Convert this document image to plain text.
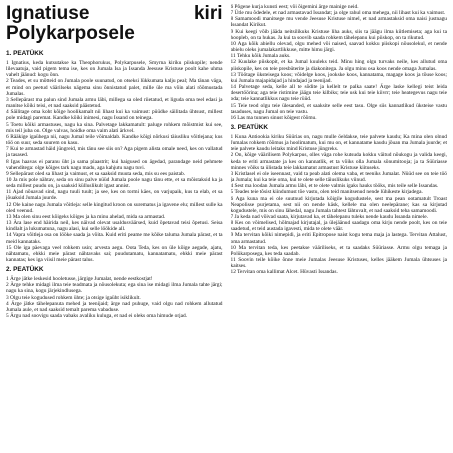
Ignatiuse	kiri
Polykarposele
1. PEATÜKK

1 Ignatius, keda kutsutakse ka Theophorukus, Polykarpusele, Smyrna kiriku piiskopile; nende lilevaatuja, vaid pigem tema ise, kes on Jumala Isa ja Issanda Jeesuse Kristuse poolt kahe uhma vahelt jäänud: kogu õnn.

2 Teades, et su mõtteid on Jumala poole suunatud, on otseksi lükkumata kalju peal; Ma tänan väga, et mind on peetud väärilseks nägema sinu õnnistatud palet, mille üle ma võin alati rõõmustada Jumalas.

3 Sellepärast ma palun sind Jumala armu läbi, millega sa oled riietatud, et liguda oma teel edasi ja manitse kõiki teisi, et nad saaksid päästetud.

4 Säilitage oma koht kõige hoolikamalt nii lihast kui ka vaimust: püüdke säilitada ühtsust, millest pole midagi paremat. Kandke kõiki inimesi, nagu Issand on teinega.

5 Toetu kõiki armastuses, nagu ka sina. Palvetage lakkamatult: paluge rohkem mõistmist kui see, mis teil juba on. Olge valvas, hoidke oma vaim alati ärkvel.

6 Rääkige igaühega nii, nagu Jumal teile võimaldab. Kandke kõigi nõrkusi täiusliku võitlejana; kus töö on suur, seda suurem on kasu.

7 Kui te armastad häid jüngreid, mis tänu see siis on? Aga pigem alista omale need, kes on vallatud ja tasased.

8 Igas haavas ei paranu üht ja sama plaastrit; kui haigused on ägedad, parandage neid pehmete vahenditega: olge kõiges tark nagu madu, aga kahjutu nagu tuvi.

9 Sellepärast oled sa lihast ja vaimust, et sa saaksid muuta seda, mis su ees paistab.

10 Ja mis pole nähtav, seda on sinu palve nüüd Jumala poole nagu tänu ette, et sa mõistaksid ka ja seda millest puudu on, ja saaksid külluslikult igast annist.

11 Ajad nõuavad sind, nagu tuuli tuult; ja see, kes on tormi käes, on varjupaik, kus ta elab, et sa jõuaksid Jumala juurde.

12 Ole kaine nagu Jumala võitleja: selle kingitud kroon on surematus ja igavene elu; millest sulle ka oled veenud.

13 Ma olen sinu eest kõigeks kõiges ja ka minu ahelad, mida sa armastad.

13 Ära lase end häirida neil, kes näivad olevat usaldusväärsed, kuid õpetavad teisi õpetusi. Seisa kindlalt ja lukumatuna, nagu alasi, kui selle löökide all.

14 Vapra võitleja osa on lööke saada ja võita. Kuid eriti peame me kõike taluma Jumala pärast, et ta meid kannataks.

15 Ole iga päevaga veel rohkem usin; arvesta aegu. Oota Teda, kes on üle kõige aegade, ajatu, nähtamatu, ehkki meie pärast nähtavaks sai; puudutamatu, kannatamatu, ehkki meie pärast kannatas; kes iga viisil meie pärast talus.

2. PEATÜKK

1 Ärge jätke leskesid hooletusse, järgige Jumalat, nende eestkostjat!

2 Ärge tehke midagi ilma teie teadmata ja nõusolekuta; ega sina ise midagi ilma Jumala tahte järgi; nagu ka sina, kogu järjekindlusega.

3 Olgu teie kogudused rohkem ühte; ja otsige igaüht isiklikult.

4 Ärge jätke tähelepanuta mehed ja teenijaid; ärge nad puhuge, vaid olgu nad rohkem allutatud Jumala aule, et nad saaksid temalt parema vabaduse.

5 Ärgu nad soovigu saada vabaks avaliku kuluga, et nad ei oleks oma himude orjad.

6 Põgene kurja kunsti eest; või õigemini ärge mainige neid.

7 Ütle mu õdedele, et nad armastavad Issandat; ja olge rahul oma mehega, nii lihast kui ka vaimust.

8 Samamoodi manitsege mu vende Jeesuse Kristuse nimel, et nad armastaksid oma naisi justnagu Issandat Kirikut.

9 Kui keegi võib jääda neitsilikuks Kristuse liha auks, siis ta jäägu ilma kiitlemiseta; aga kui ta hoopleb, on ta hukas. Ja kui ta soovib saada rohkem tähelepanu kui piiskop, on ta rikutud.

10 Aga kõik abiellu olevad, olgu mehed või naised, saavad kokku piiskopi nõusolekul, et nende abielu oleks jumalakartlikkuse, mitte himu järgi.

11 Tehku kõik Jumala auks.

12 Kuulake piiskopit, et ka Jumal kuuleks teid. Minu hing olgu turvaks neile, kes allutud oma piiskopile, kes on teie presbüterite ja diakonitega. Ja olgu minu osa koos nende omaga Jumalas.

13 Töötage üksteisega koos; võidelge koos, jookske koos, kannatama, magage koos ja tõuse koos; kui Jumala majapidajad ja hindajad ja teenijad.

14 Palvetage seda, kelle all te sõdite ja kellelt te palka saate! Ärge laske kellegi teist leida desertöörina; aga teie ristimine jäägu teie kilbiks; teie usk kui teie kiivrr; teie heategevus nagu teie oda; teie kannatlikkus nagu teie rüüd.

15 Teie teod olgu teie ülesanded, et saaksite selle eest tasu. Olge siis kannatlikud üksteise vastu tasaduses, nagu Jumal on teie vastu.

16 Las ma tunnen sinust kõigest rõõmu.

3. PEATÜKK

1 Kuna Antiookia kiriku Süürias on, nagu mulle öeldakse, teie palvete kaudu; Ka mina olen olnud Jumalas rohkem rõõmus ja hoolimatum, kui mu on, et kannatame kaudu jõuan ma Jumala juurde; et teie palvete kaudu leitaks mind Kristuse jüngreks.

2 On, kõige väärilisem Polykarpus, olles väga rohe kutsuda kokku väitud nõukogu ja valida keegi, keda te eriti armastate ja kes on kannatlik, et ta võiks olla Jumala sõnumitooja; ja ta Süüriasse minnes võiks ta ülistada teie lakkamatut armastust Kristuse kiituseks.

3 Kristlasel ei ole iseennast, vaid ta peab alati olema vaba, et teeniks Jumalat. Nüüd see on teie töö ja Jumala; kui ka teie oma, kui te olete selle täiuslikuks viinud.

4 Sest ma loodan Jumala armu läbi, et te olete valmis igaks hauks tööks, mis teile selle Issandas.

5 Teades teie tõsist kiindumust tõe vastu, olen teid manitsenud nende lühikeste kirjadega.

6 Aga kuna ma ei ole suutnud kirjutada kõigile kogudustele, sest ma pean ootamatult Troast Neapolisse purjetama, sest nii on nende käsk, kellele ma olen neelepärane; kas sa kirjutad kogudustele, mis on sinu lähedal, nagu Jumala tahtest lähtuvalt, et nad saaksid teha samamoodi.

7 Ja keda nad võivad saata, kirjutavad ka, et tähelepanu tuleks nende kaudu Issanda nimele.

8 Kes on võimelised, hõlmajad kirjutajal, ja ülejäänud saadagu oma kirju nende poolt, kes on teie saadetud, et teid austada igavesti, mida te olete väär.

9 Ma tervitan kõiki nimepidi, ja eriti Epitropose naist kogu tema maja ja lastega. Tervitan Attalust, oma armastatud.

10 Ma tervitan teda, kes peetakse vääriliseks, et ta saadaks Süüriasse. Armu olgu temaga ja Polükarposega, kes teda saadab.

11 Soovin teile kõike õnne meie Jumalas Jeesuse Kristuses, kelles jääkem Jumala ühtsuses ja kaitses.

12 Tervitan oma kallimat Alcet. Hüvasti Issandas.
